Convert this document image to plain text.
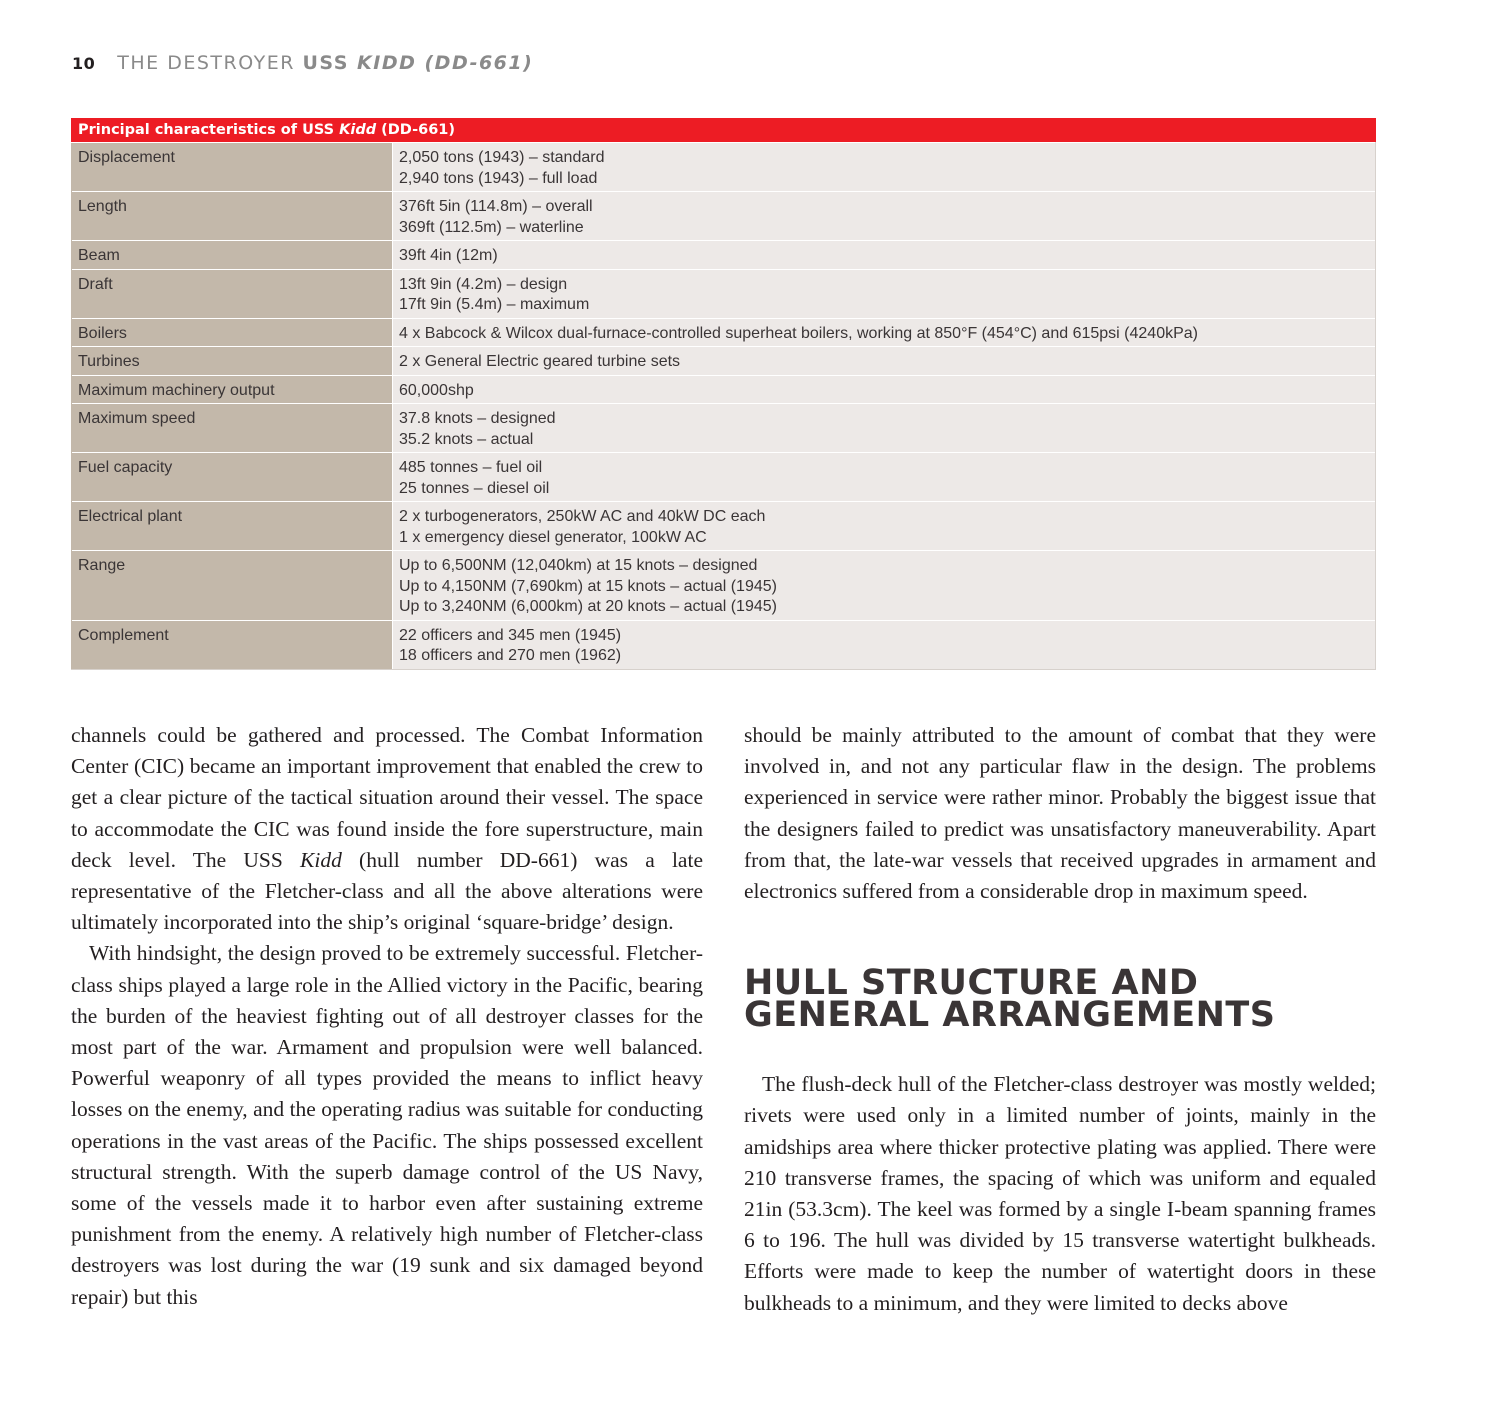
10 THE DESTROYER USS KIDD (DD-661)
Principal characteristics of USS Kidd (DD-661)
Displacement	2,050 tons (1943) – standard
2,940 tons (1943) – full load

Length	376ft 5in (114.8m) – overall
369ft (112.5m) – waterline

Beam	39ft 4in (12m)

Draft	13ft 9in (4.2m) – design
17ft 9in (5.4m) – maximum

Boilers	4 x Babcock & Wilcox dual-furnace-controlled superheat boilers, working at 850°F (454°C) and 615psi (4240kPa)

Turbines	2 x General Electric geared turbine sets

Maximum machinery output	60,000shp

Maximum speed	37.8 knots – designed
35.2 knots – actual

Fuel capacity	485 tonnes – fuel oil
25 tonnes – diesel oil

Electrical plant	2 x turbogenerators, 250kW AC and 40kW DC each
1 x emergency diesel generator, 100kW AC

Range	Up to 6,500NM (12,040km) at 15 knots – designed
Up to 4,150NM (7,690km) at 15 knots – actual (1945)
Up to 3,240NM (6,000km) at 20 knots – actual (1945)

Complement	22 officers and 345 men (1945)
18 officers and 270 men (1962)

channels could be gathered and processed. The Combat Information Center (CIC) became an important improvement that enabled the crew to get a clear picture of the tactical situation around their vessel. The space to accommodate the CIC was found inside the fore superstructure, main deck level. The USS Kidd (hull number DD-661) was a late representative of the Fletcher-class and all the above alterations were ultimately incorporated into the ship’s original ‘square-bridge’ design.

With hindsight, the design proved to be extremely successful. Fletcher-class ships played a large role in the Allied victory in the Pacific, bearing the burden of the heaviest fighting out of all destroyer classes for the most part of the war. Armament and propulsion were well balanced. Powerful weaponry of all types provided the means to inflict heavy losses on the enemy, and the operating radius was suitable for conducting operations in the vast areas of the Pacific. The ships possessed excellent structural strength. With the superb damage control of the US Navy, some of the vessels made it to harbor even after sustaining extreme punishment from the enemy. A relatively high number of Fletcher-class destroyers was lost during the war (19 sunk and six damaged beyond repair) but this

should be mainly attributed to the amount of combat that they were involved in, and not any particular flaw in the design. The problems experienced in service were rather minor. Probably the biggest issue that the designers failed to predict was unsatisfactory maneuverability. Apart from that, the late-war vessels that received upgrades in armament and electronics suffered from a considerable drop in maximum speed.

HULL STRUCTURE AND GENERAL ARRANGEMENTS

The flush-deck hull of the Fletcher-class destroyer was mostly welded; rivets were used only in a limited number of joints, mainly in the amidships area where thicker protective plating was applied. There were 210 transverse frames, the spacing of which was uniform and equaled 21in (53.3cm). The keel was formed by a single I-beam spanning frames 6 to 196. The hull was divided by 15 transverse watertight bulkheads. Efforts were made to keep the number of watertight doors in these bulkheads to a minimum, and they were limited to decks above
